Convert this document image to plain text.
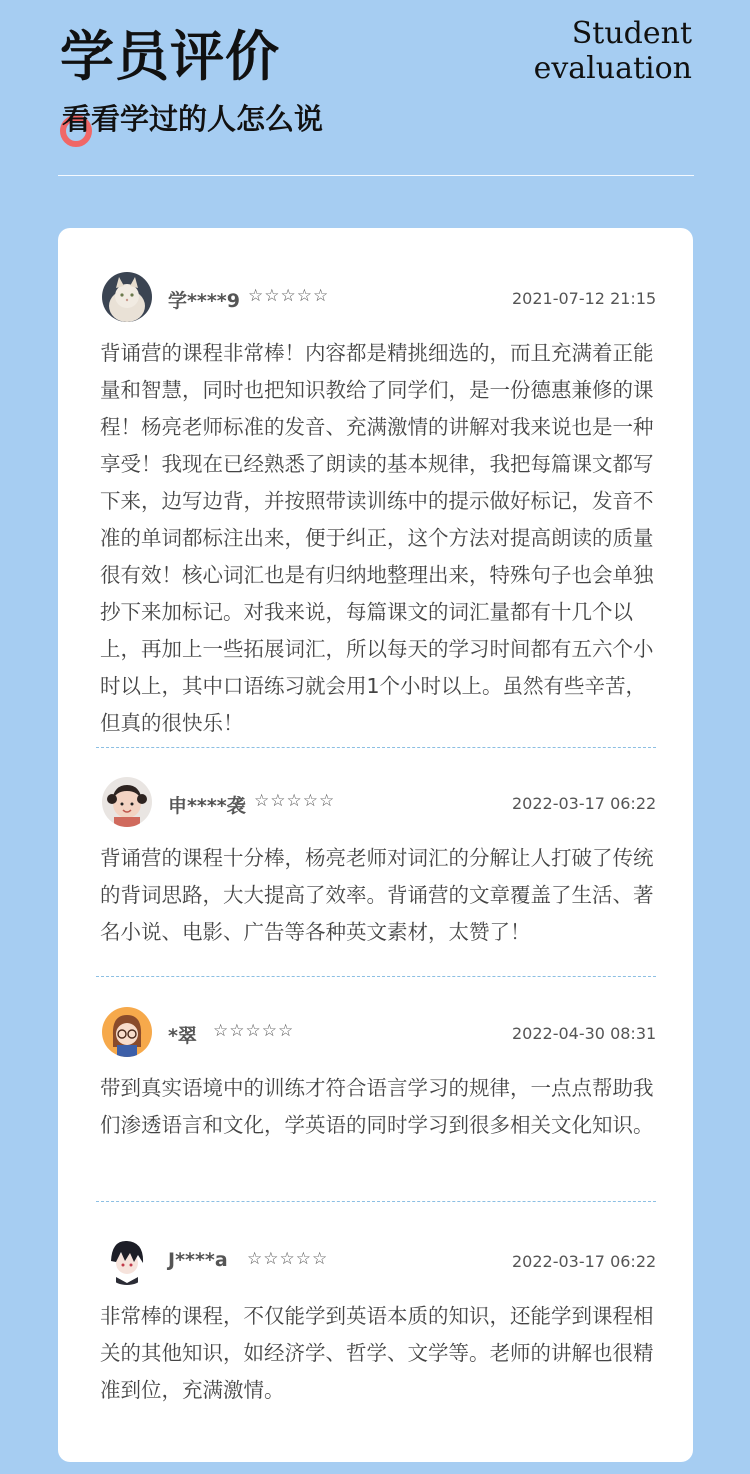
学员评价
看看学过的人怎么说
Student
evaluation
学****9 ☆☆☆☆☆	2021-07-12 21:15
背诵营的课程非常棒！内容都是精挑细选的，而且充满着正能量和智慧，同时也把知识教给了同学们，是一份德惠兼修的课程！杨亮老师标准的发音、充满激情的讲解对我来说也是一种享受！我现在已经熟悉了朗读的基本规律，我把每篇课文都写下来，边写边背，并按照带读训练中的提示做好标记，发音不准的单词都标注出来，便于纠正，这个方法对提高朗读的质量很有效！核心词汇也是有归纳地整理出来，特殊句子也会单独抄下来加标记。对我来说，每篇课文的词汇量都有十几个以上，再加上一些拓展词汇，所以每天的学习时间都有五六个小时以上，其中口语练习就会用1个小时以上。虽然有些辛苦，但真的很快乐！
申****袭 ☆☆☆☆☆	2022-03-17 06:22
背诵营的课程十分棒，杨亮老师对词汇的分解让人打破了传统的背词思路，大大提高了效率。背诵营的文章覆盖了生活、著名小说、电影、广告等各种英文素材，太赞了！
*翠 ☆☆☆☆☆	2022-04-30 08:31
带到真实语境中的训练才符合语言学习的规律，一点点帮助我们渗透语言和文化，学英语的同时学习到很多相关文化知识。
J****a ☆☆☆☆☆	2022-03-17 06:22
非常棒的课程，不仅能学到英语本质的知识，还能学到课程相关的其他知识，如经济学、哲学、文学等。老师的讲解也很精准到位，充满激情。
